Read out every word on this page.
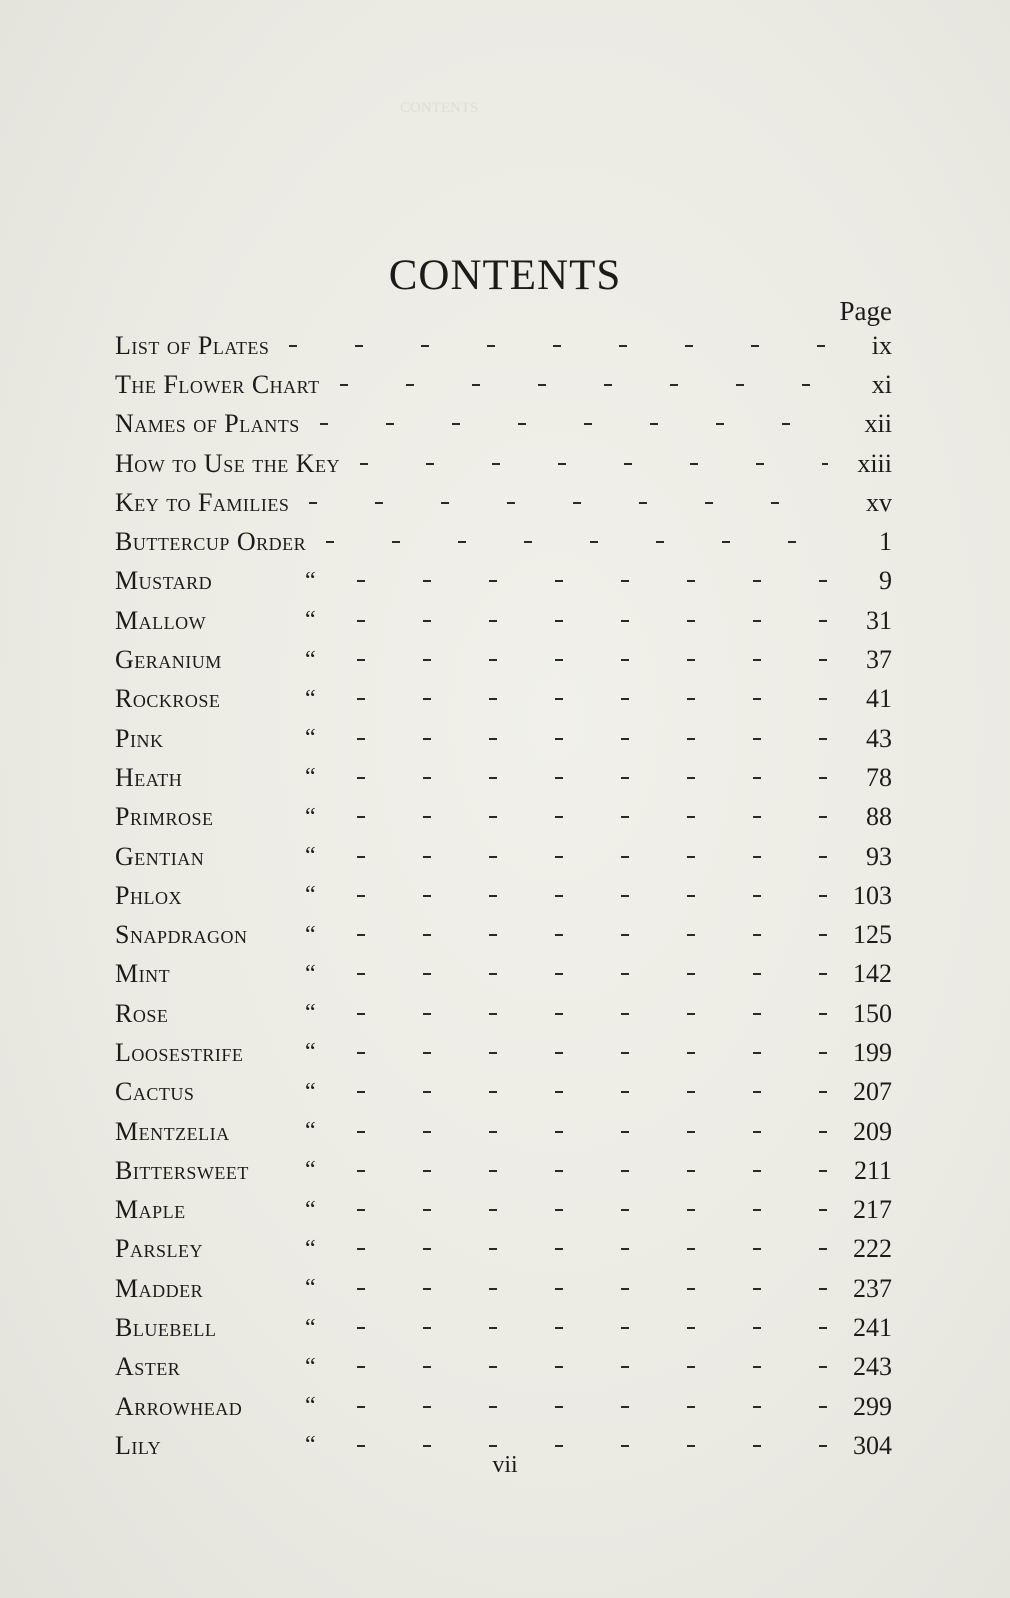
contents
CONTENTS
Page
List of Plates	ix
The Flower Chart	xi
Names of Plants	xii
How to Use the Key	xiii
Key to Families	xv
Buttercup Order	1
Mustard	“	9
Mallow	“	31
Geranium	“	37
Rockrose	“	41
Pink	“	43
Heath	“	78
Primrose	“	88
Gentian	“	93
Phlox	“	103
Snapdragon	“	125
Mint	“	142
Rose	“	150
Loosestrife	“	199
Cactus	“	207
Mentzelia	“	209
Bittersweet	“	211
Maple	“	217
Parsley	“	222
Madder	“	237
Bluebell	“	241
Aster	“	243
Arrowhead	“	299
Lily	“	304
vii
